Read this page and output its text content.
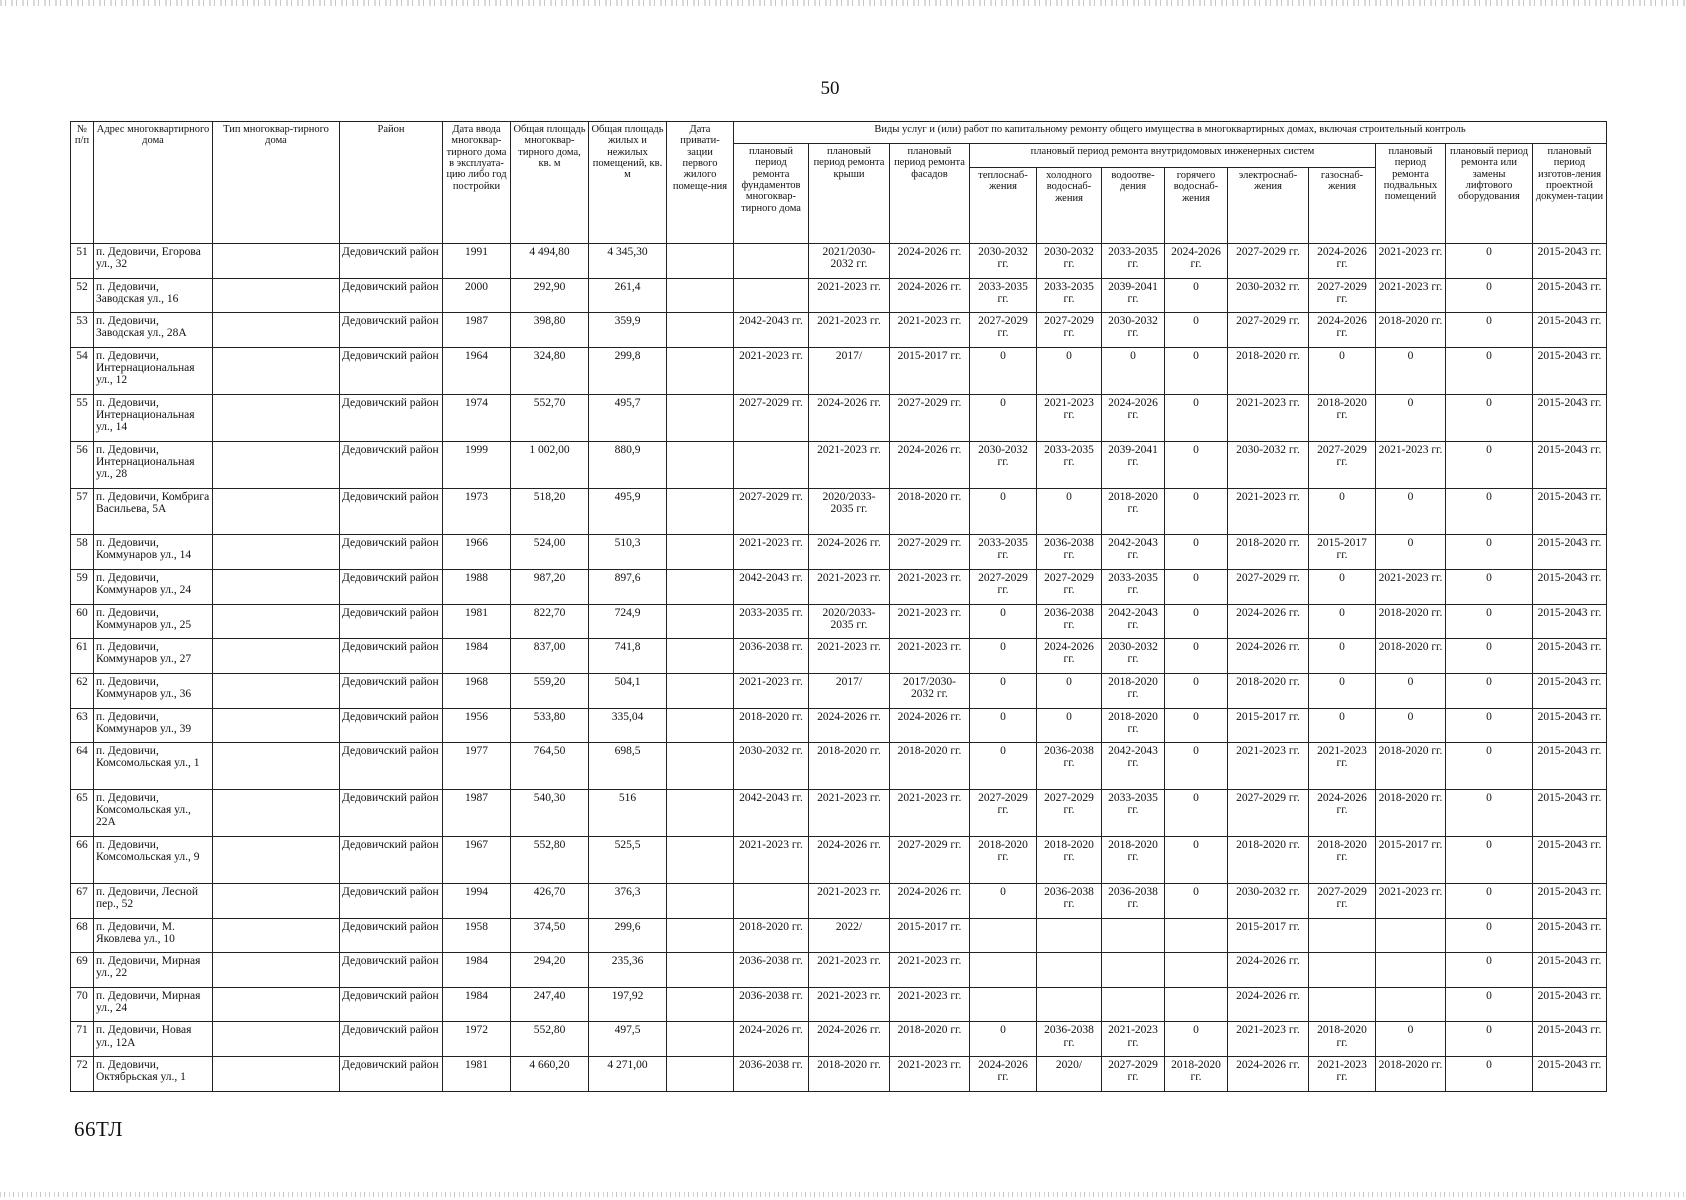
50
№ п/п	Адрес многоквартирного дома	Тип многоквар-тирного дома	Район	Дата ввода многоквар-тирного дома в эксплуата-цию либо год постройки	Общая площадь многоквар-тирного дома, кв. м	Общая площадь жилых и нежилых помещений, кв. м	Дата привати-зации первого жилого помеще-ния	Виды услуг и (или) работ по капитальному ремонту общего имущества в многоквартирных домах, включая строительный контроль											
								плановый период ремонта фундаментов многоквар-тирного дома	плановый период ремонта крыши	плановый период ремонта фасадов	плановый период ремонта внутридомовых инженерных систем						плановый период ремонта подвальных помещений	плановый период ремонта или замены лифтового оборудования	плановый период изготов-ления проектной докумен-тации
											теплоснаб-жения	холодного водоснаб-жения	водоотве-дения	горячего водоснаб-жения	электроснаб-жения	газоснаб-жения			
51	п. Дедовичи, Егорова ул., 32		Дедовичский район	1991	4 494,80	4 345,30			2021/2030-2032 гг.	2024-2026 гг.	2030-2032 гг.	2030-2032 гг.	2033-2035 гг.	2024-2026 гг.	2027-2029 гг.	2024-2026 гг.	2021-2023 гг.	0	2015-2043 гг.
52	п. Дедовичи, Заводская ул., 16		Дедовичский район	2000	292,90	261,4			2021-2023 гг.	2024-2026 гг.	2033-2035 гг.	2033-2035 гг.	2039-2041 гг.	0	2030-2032 гг.	2027-2029 гг.	2021-2023 гг.	0	2015-2043 гг.
53	п. Дедовичи, Заводская ул., 28А		Дедовичский район	1987	398,80	359,9		2042-2043 гг.	2021-2023 гг.	2021-2023 гг.	2027-2029 гг.	2027-2029 гг.	2030-2032 гг.	0	2027-2029 гг.	2024-2026 гг.	2018-2020 гг.	0	2015-2043 гг.
54	п. Дедовичи, Интернациональная ул., 12		Дедовичский район	1964	324,80	299,8		2021-2023 гг.	2017/	2015-2017 гг.	0	0	0	0	2018-2020 гг.	0	0	0	2015-2043 гг.
55	п. Дедовичи, Интернациональная ул., 14		Дедовичский район	1974	552,70	495,7		2027-2029 гг.	2024-2026 гг.	2027-2029 гг.	0	2021-2023 гг.	2024-2026 гг.	0	2021-2023 гг.	2018-2020 гг.	0	0	2015-2043 гг.
56	п. Дедовичи, Интернациональная ул., 28		Дедовичский район	1999	1 002,00	880,9			2021-2023 гг.	2024-2026 гг.	2030-2032 гг.	2033-2035 гг.	2039-2041 гг.	0	2030-2032 гг.	2027-2029 гг.	2021-2023 гг.	0	2015-2043 гг.
57	п. Дедовичи, Комбрига Васильева, 5А		Дедовичский район	1973	518,20	495,9		2027-2029 гг.	2020/2033-2035 гг.	2018-2020 гг.	0	0	2018-2020 гг.	0	2021-2023 гг.	0	0	0	2015-2043 гг.
58	п. Дедовичи, Коммунаров ул., 14		Дедовичский район	1966	524,00	510,3		2021-2023 гг.	2024-2026 гг.	2027-2029 гг.	2033-2035 гг.	2036-2038 гг.	2042-2043 гг.	0	2018-2020 гг.	2015-2017 гг.	0	0	2015-2043 гг.
59	п. Дедовичи, Коммунаров ул., 24		Дедовичский район	1988	987,20	897,6		2042-2043 гг.	2021-2023 гг.	2021-2023 гг.	2027-2029 гг.	2027-2029 гг.	2033-2035 гг.	0	2027-2029 гг.	0	2021-2023 гг.	0	2015-2043 гг.
60	п. Дедовичи, Коммунаров ул., 25		Дедовичский район	1981	822,70	724,9		2033-2035 гг.	2020/2033-2035 гг.	2021-2023 гг.	0	2036-2038 гг.	2042-2043 гг.	0	2024-2026 гг.	0	2018-2020 гг.	0	2015-2043 гг.
61	п. Дедовичи, Коммунаров ул., 27		Дедовичский район	1984	837,00	741,8		2036-2038 гг.	2021-2023 гг.	2021-2023 гг.	0	2024-2026 гг.	2030-2032 гг.	0	2024-2026 гг.	0	2018-2020 гг.	0	2015-2043 гг.
62	п. Дедовичи, Коммунаров ул., 36		Дедовичский район	1968	559,20	504,1		2021-2023 гг.	2017/	2017/2030-2032 гг.	0	0	2018-2020 гг.	0	2018-2020 гг.	0	0	0	2015-2043 гг.
63	п. Дедовичи, Коммунаров ул., 39		Дедовичский район	1956	533,80	335,04		2018-2020 гг.	2024-2026 гг.	2024-2026 гг.	0	0	2018-2020 гг.	0	2015-2017 гг.	0	0	0	2015-2043 гг.
64	п. Дедовичи, Комсомольская ул., 1		Дедовичский район	1977	764,50	698,5		2030-2032 гг.	2018-2020 гг.	2018-2020 гг.	0	2036-2038 гг.	2042-2043 гг.	0	2021-2023 гг.	2021-2023 гг.	2018-2020 гг.	0	2015-2043 гг.
65	п. Дедовичи, Комсомольская ул., 22А		Дедовичский район	1987	540,30	516		2042-2043 гг.	2021-2023 гг.	2021-2023 гг.	2027-2029 гг.	2027-2029 гг.	2033-2035 гг.	0	2027-2029 гг.	2024-2026 гг.	2018-2020 гг.	0	2015-2043 гг.
66	п. Дедовичи, Комсомольская ул., 9		Дедовичский район	1967	552,80	525,5		2021-2023 гг.	2024-2026 гг.	2027-2029 гг.	2018-2020 гг.	2018-2020 гг.	2018-2020 гг.	0	2018-2020 гг.	2018-2020 гг.	2015-2017 гг.	0	2015-2043 гг.
67	п. Дедовичи, Лесной пер., 52		Дедовичский район	1994	426,70	376,3			2021-2023 гг.	2024-2026 гг.	0	2036-2038 гг.	2036-2038 гг.	0	2030-2032 гг.	2027-2029 гг.	2021-2023 гг.	0	2015-2043 гг.
68	п. Дедовичи, М. Яковлева ул., 10		Дедовичский район	1958	374,50	299,6		2018-2020 гг.	2022/	2015-2017 гг.					2015-2017 гг.			0	2015-2043 гг.
69	п. Дедовичи, Мирная ул., 22		Дедовичский район	1984	294,20	235,36		2036-2038 гг.	2021-2023 гг.	2021-2023 гг.					2024-2026 гг.			0	2015-2043 гг.
70	п. Дедовичи, Мирная ул., 24		Дедовичский район	1984	247,40	197,92		2036-2038 гг.	2021-2023 гг.	2021-2023 гг.					2024-2026 гг.			0	2015-2043 гг.
71	п. Дедовичи, Новая ул., 12А		Дедовичский район	1972	552,80	497,5		2024-2026 гг.	2024-2026 гг.	2018-2020 гг.	0	2036-2038 гг.	2021-2023 гг.	0	2021-2023 гг.	2018-2020 гг.	0	0	2015-2043 гг.
72	п. Дедовичи, Октябрьская ул., 1		Дедовичский район	1981	4 660,20	4 271,00		2036-2038 гг.	2018-2020 гг.	2021-2023 гг.	2024-2026 гг.	2020/	2027-2029 гг.	2018-2020 гг.	2024-2026 гг.	2021-2023 гг.	2018-2020 гг.	0	2015-2043 гг.
66ТЛ
